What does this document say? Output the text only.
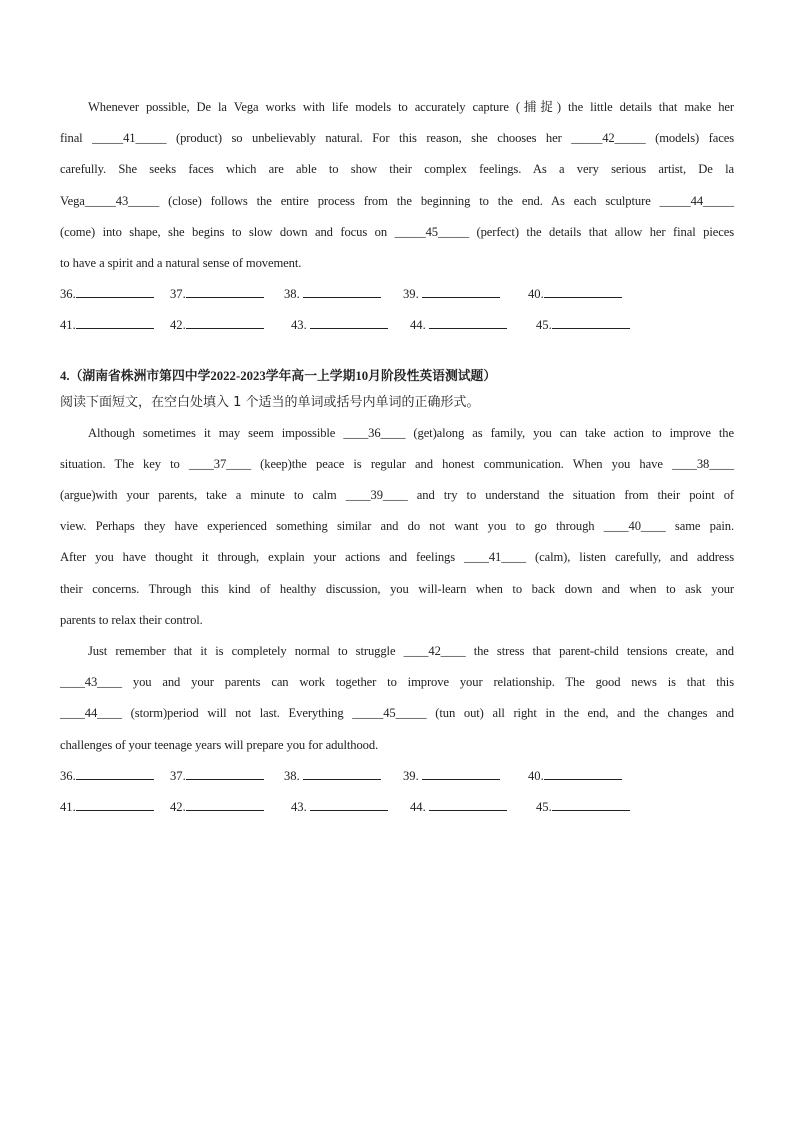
Whenever possible, De la Vega works with life models to accurately capture (捕捉) the little details that make her
final _____41_____ (product) so unbelievably natural. For this reason, she chooses her _____42_____ (models) faces
carefully. She seeks faces which are able to show their complex feelings. As a very serious artist, De la
Vega_____43_____ (close) follows the entire process from the beginning to the end. As each sculpture _____44_____
(come) into shape, she begins to slow down and focus on _____45_____ (perfect) the details that allow her final pieces
to have a spirit and a natural sense of movement.
36.	37.	38.	39.	40.
41.	42.	43.	44.	45.
4.（湖南省株洲市第四中学2022-2023学年高一上学期10月阶段性英语测试题）
阅读下面短文，在空白处填入 1 个适当的单词或括号内单词的正确形式。
Although sometimes it may seem impossible ____36____ (get)along as family, you can take action to improve the
situation. The key to ____37____ (keep)the peace is regular and honest communication. When you have ____38____
(argue)with your parents, take a minute to calm ____39____ and try to understand the situation from their point of
view. Perhaps they have experienced something similar and do not want you to go through ____40____ same pain.
After you have thought it through, explain your actions and feelings ____41____ (calm), listen carefully, and address
their concerns. Through this kind of healthy discussion, you will-learn when to back down and when to ask your
parents to relax their control.
Just remember that it is completely normal to struggle ____42____ the stress that parent-child tensions create, and
____43____ you and your parents can work together to improve your relationship. The good news is that this
____44____ (storm)period will not last. Everything _____45_____ (tun out) all right in the end, and the changes and
challenges of your teenage years will prepare you for adulthood.
36.	37.	38.	39.	40.
41.	42.	43.	44.	45.
